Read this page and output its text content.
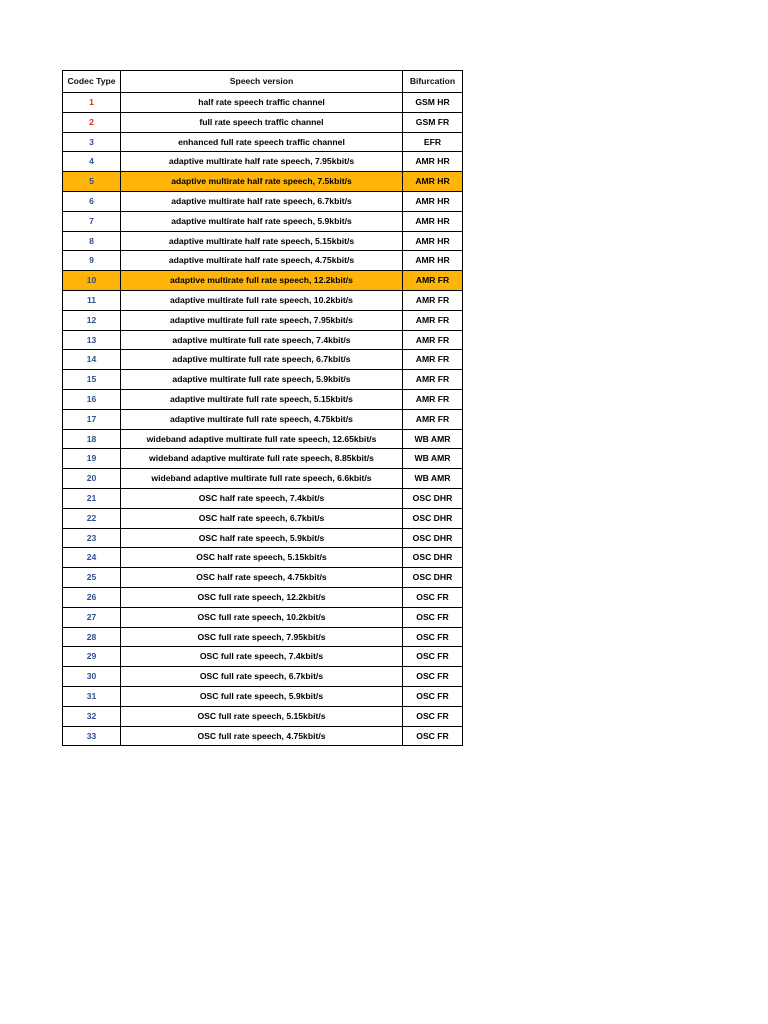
Codec Type	Speech version	Bifurcation
1	half rate speech traffic channel	GSM HR
2	full rate speech traffic channel	GSM FR
3	enhanced full rate speech traffic channel	EFR
4	adaptive multirate half rate speech, 7.95kbit/s	AMR HR
5	adaptive multirate half rate speech, 7.5kbit/s	AMR HR
6	adaptive multirate half rate speech, 6.7kbit/s	AMR HR
7	adaptive multirate half rate speech, 5.9kbit/s	AMR HR
8	adaptive multirate half rate speech, 5.15kbit/s	AMR HR
9	adaptive multirate half rate speech, 4.75kbit/s	AMR HR
10	adaptive multirate full rate speech, 12.2kbit/s	AMR FR
11	adaptive multirate full rate speech, 10.2kbit/s	AMR FR
12	adaptive multirate full rate speech, 7.95kbit/s	AMR FR
13	adaptive multirate full rate speech, 7.4kbit/s	AMR FR
14	adaptive multirate full rate speech, 6.7kbit/s	AMR FR
15	adaptive multirate full rate speech, 5.9kbit/s	AMR FR
16	adaptive multirate full rate speech, 5.15kbit/s	AMR FR
17	adaptive multirate full rate speech, 4.75kbit/s	AMR FR
18	wideband adaptive multirate full rate speech, 12.65kbit/s	WB AMR
19	wideband adaptive multirate full rate speech, 8.85kbit/s	WB AMR
20	wideband adaptive multirate full rate speech, 6.6kbit/s	WB AMR
21	OSC half rate speech, 7.4kbit/s	OSC DHR
22	OSC half rate speech, 6.7kbit/s	OSC DHR
23	OSC half rate speech, 5.9kbit/s	OSC DHR
24	OSC half rate speech, 5.15kbit/s	OSC DHR
25	OSC half rate speech, 4.75kbit/s	OSC DHR
26	OSC full rate speech, 12.2kbit/s	OSC FR
27	OSC full rate speech, 10.2kbit/s	OSC FR
28	OSC full rate speech, 7.95kbit/s	OSC FR
29	OSC full rate speech, 7.4kbit/s	OSC FR
30	OSC full rate speech, 6.7kbit/s	OSC FR
31	OSC full rate speech, 5.9kbit/s	OSC FR
32	OSC full rate speech, 5.15kbit/s	OSC FR
33	OSC full rate speech, 4.75kbit/s	OSC FR
